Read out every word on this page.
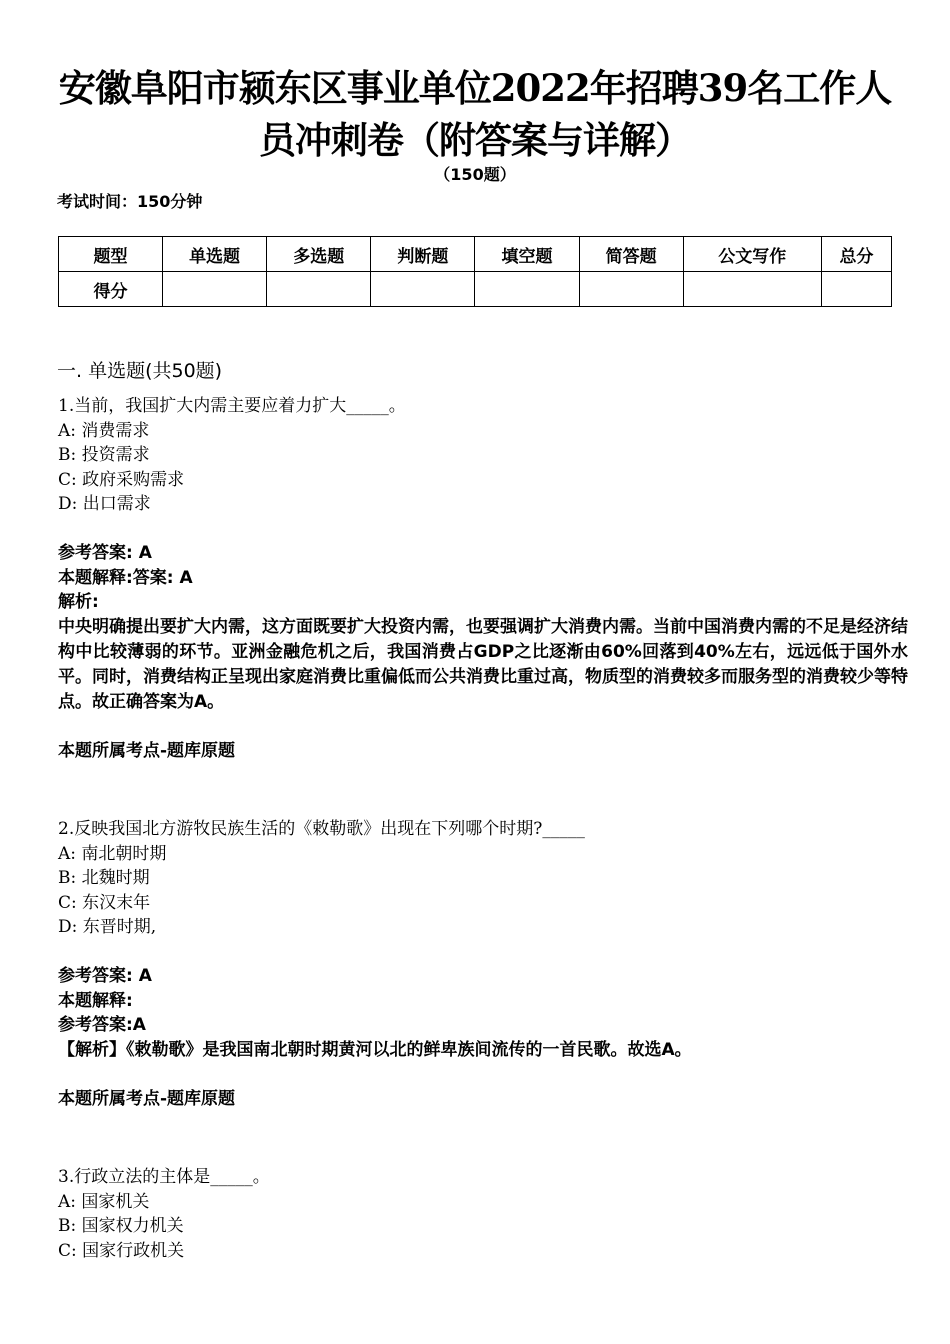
安徽阜阳市颍东区事业单位2022年招聘39名工作人
员冲刺卷（附答案与详解）
（150题）
考试时间：150分钟
题型	单选题	多选题	判断题	填空题	简答题	公文写作	总分
得分							
一. 单选题(共50题)
1.当前，我国扩大内需主要应着力扩大_____。
A: 消费需求
B: 投资需求
C: 政府采购需求
D: 出口需求
参考答案: A
本题解释:答案: A
解析:
中央明确提出要扩大内需，这方面既要扩大投资内需，也要强调扩大消费内需。当前中国消费内需的不足是经济结构中比较薄弱的环节。亚洲金融危机之后，我国消费占GDP之比逐渐由60%回落到40%左右，远远低于国外水平。同时，消费结构正呈现出家庭消费比重偏低而公共消费比重过高，物质型的消费较多而服务型的消费较少等特点。故正确答案为A。
本题所属考点-题库原题
2.反映我国北方游牧民族生活的《敕勒歌》出现在下列哪个时期?_____
A: 南北朝时期
B: 北魏时期
C: 东汉末年
D: 东晋时期,
参考答案: A
本题解释:
参考答案:A
【解析】《敕勒歌》是我国南北朝时期黄河以北的鲜卑族间流传的一首民歌。故选A。
本题所属考点-题库原题
3.行政立法的主体是_____。
A: 国家机关
B: 国家权力机关
C: 国家行政机关
